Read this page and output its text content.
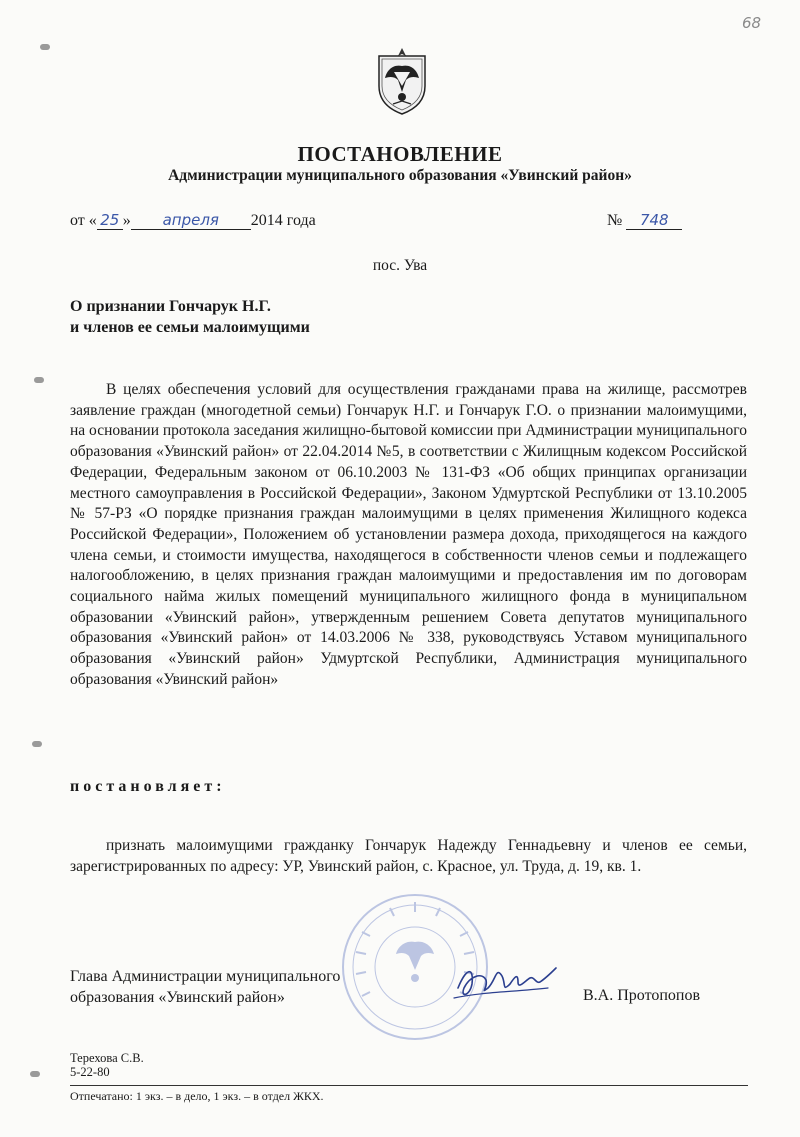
68
ПОСТАНОВЛЕНИЕ
Администрации муниципального образования «Увинский район»
от « 25 » апреля 2014 года	№ 748
пос. Ува
О признании Гончарук Н.Г.
и членов ее семьи малоимущими
В целях обеспечения условий для осуществления гражданами права на жилище, рассмотрев заявление граждан (многодетной семьи) Гончарук Н.Г. и Гончарук Г.О. о признании малоимущими, на основании протокола заседания жилищно-бытовой комиссии при Администрации муниципального образования «Увинский район» от 22.04.2014 №5, в соответствии с Жилищным кодексом Российской Федерации, Федеральным законом от 06.10.2003 № 131-ФЗ «Об общих принципах организации местного самоуправления в Российской Федерации», Законом Удмуртской Республики от 13.10.2005 № 57-РЗ «О порядке признания граждан малоимущими в целях применения Жилищного кодекса Российской Федерации», Положением об установлении размера дохода, приходящегося на каждого члена семьи, и стоимости имущества, находящегося в собственности членов семьи и подлежащего налогообложению, в целях признания граждан малоимущими и предоставления им по договорам социального найма жилых помещений муниципального жилищного фонда в муниципальном образовании «Увинский район», утвержденным решением Совета депутатов муниципального образования «Увинский район» от 14.03.2006 № 338, руководствуясь Уставом муниципального образования «Увинский район» Удмуртской Республики, Администрация муниципального образования «Увинский район»
постановляет:
признать малоимущими гражданку Гончарук Надежду Геннадьевну и членов ее семьи, зарегистрированных по адресу: УР, Увинский район, с. Красное, ул. Труда, д. 19, кв. 1.
Глава Администрации муниципального
образования «Увинский район»	В.А. Протопопов
Терехова С.В.
5-22-80
Отпечатано: 1 экз. – в дело, 1 экз. – в отдел ЖКХ.
